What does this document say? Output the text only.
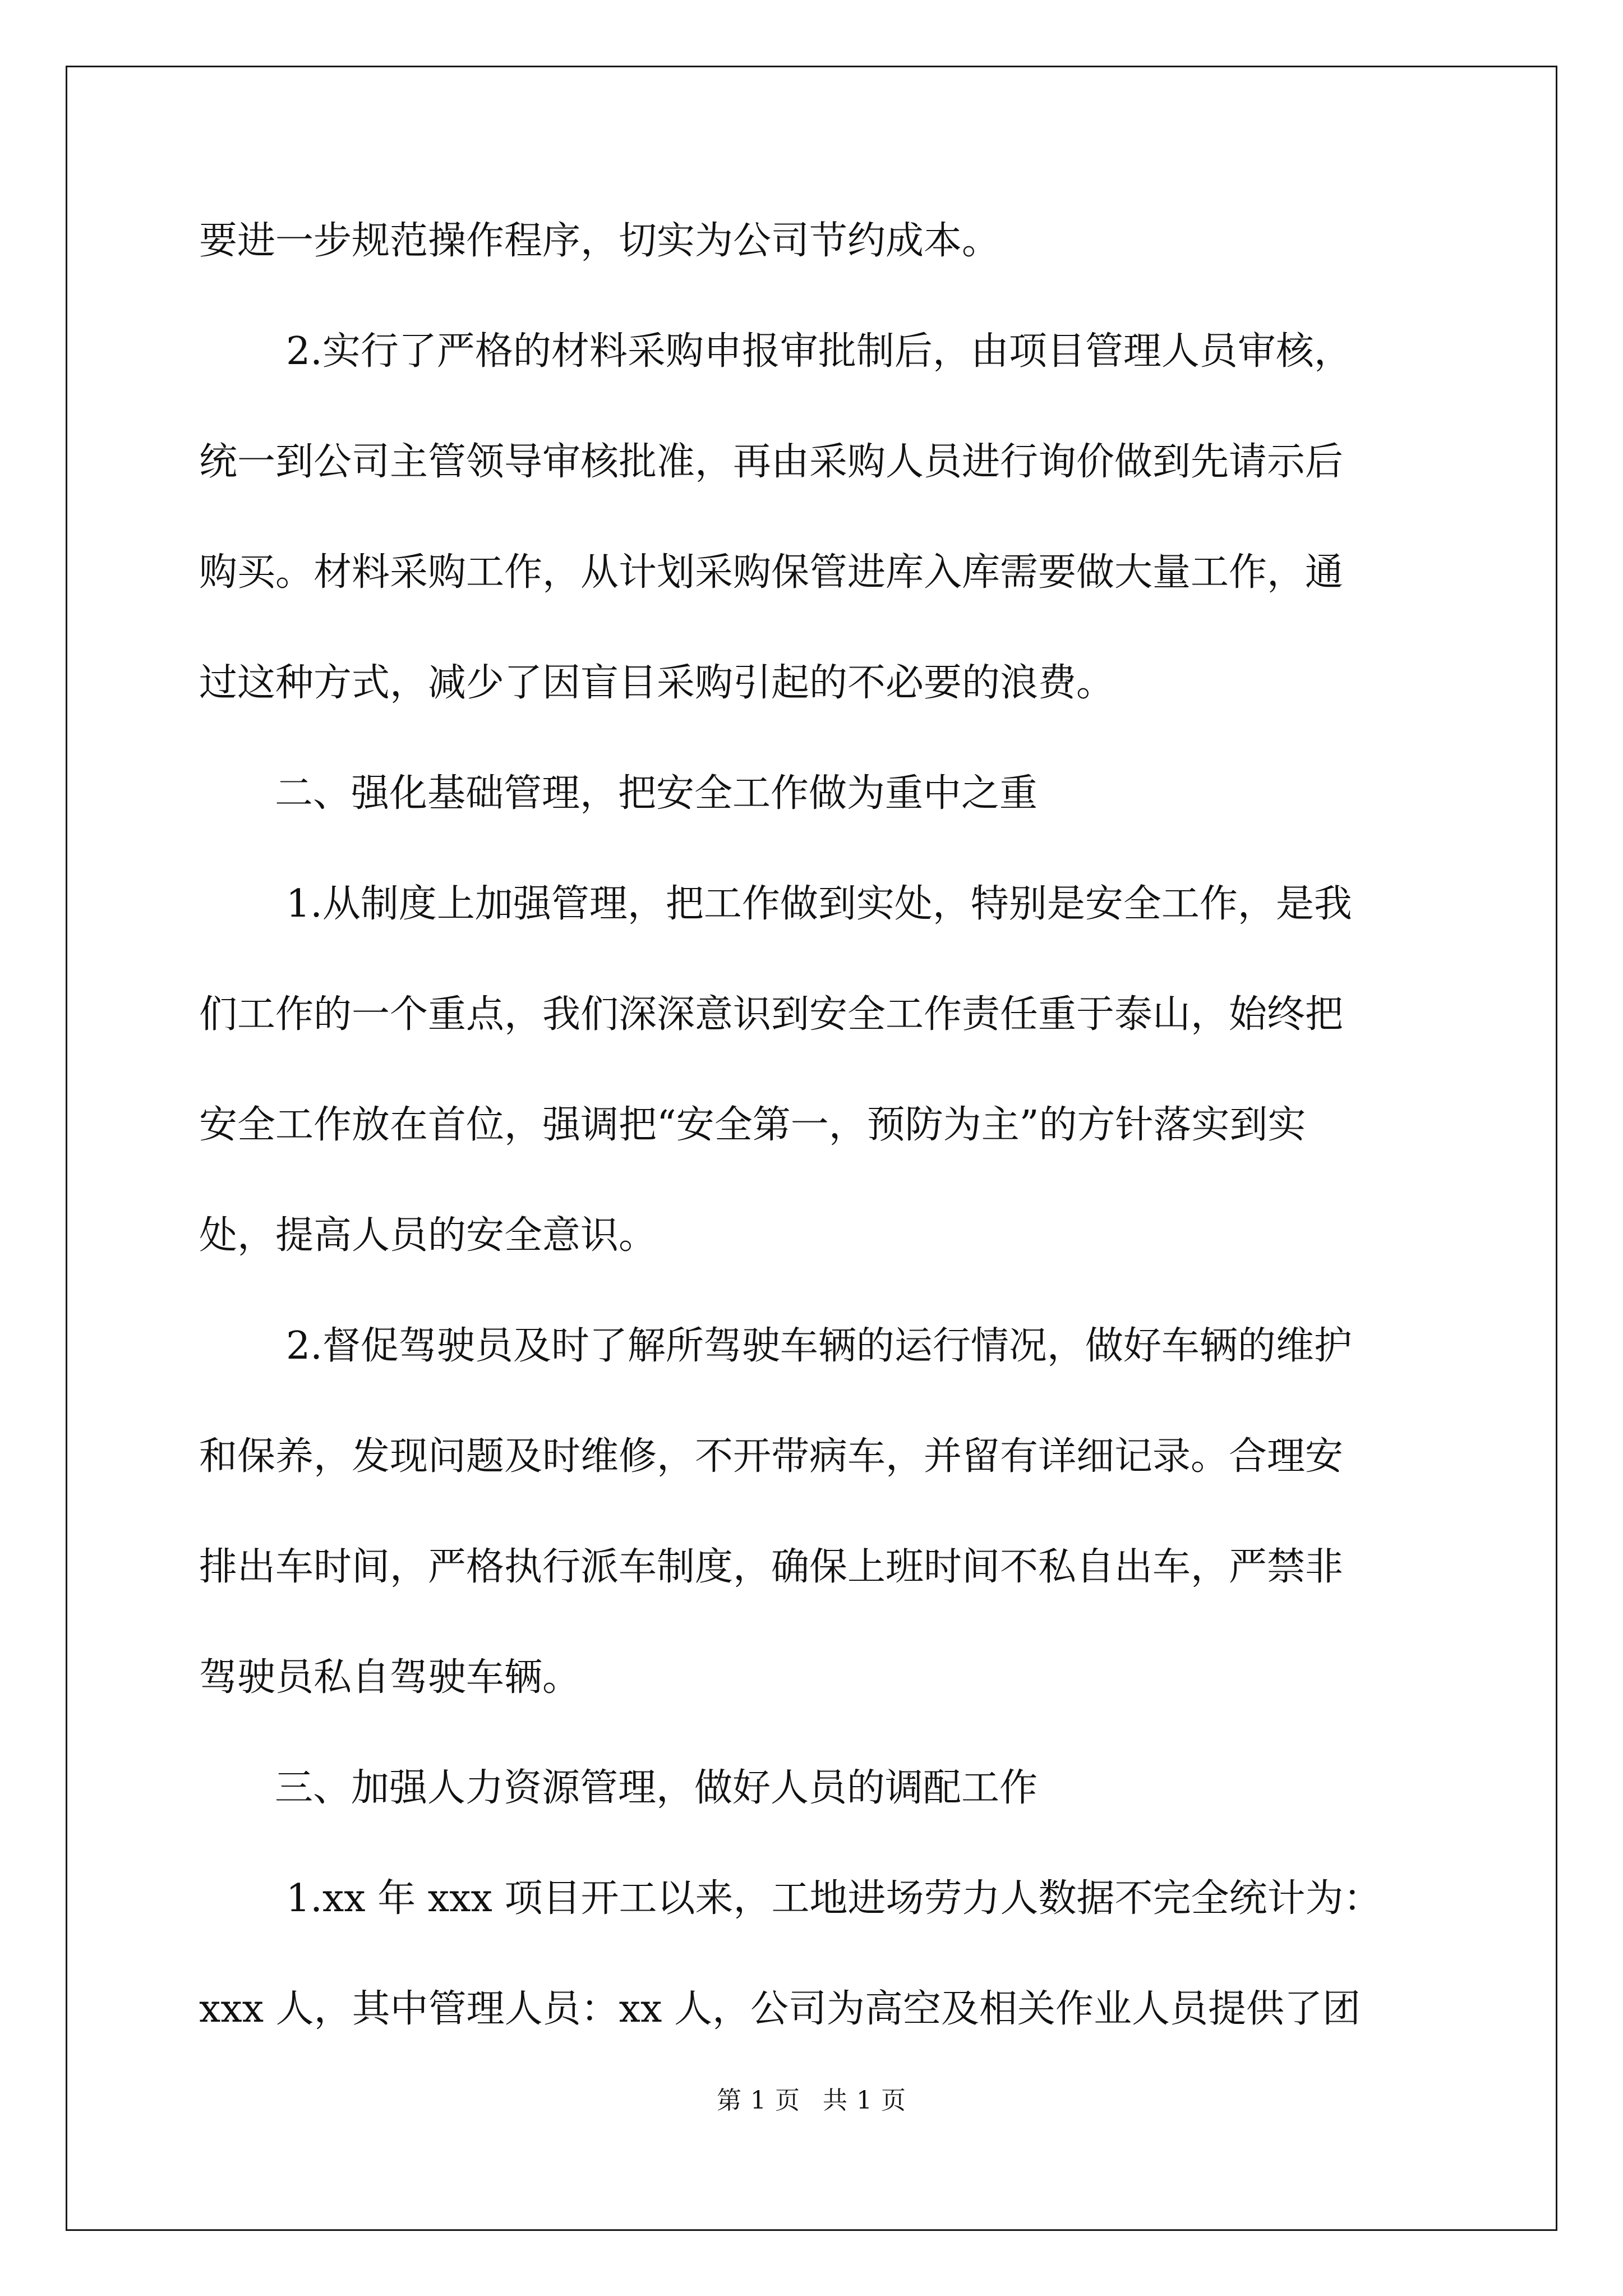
要进一步规范操作程序，切实为公司节约成本。
2.实行了严格的材料采购申报审批制后，由项目管理人员审核，
统一到公司主管领导审核批准，再由采购人员进行询价做到先请示后
购买。材料采购工作，从计划采购保管进库入库需要做大量工作，通
过这种方式，减少了因盲目采购引起的不必要的浪费。
二、强化基础管理，把安全工作做为重中之重
1.从制度上加强管理，把工作做到实处，特别是安全工作，是我
们工作的一个重点，我们深深意识到安全工作责任重于泰山，始终把
安全工作放在首位，强调把“安全第一，预防为主”的方针落实到实
处，提高人员的安全意识。
2.督促驾驶员及时了解所驾驶车辆的运行情况，做好车辆的维护
和保养，发现问题及时维修，不开带病车，并留有详细记录。合理安
排出车时间，严格执行派车制度，确保上班时间不私自出车，严禁非
驾驶员私自驾驶车辆。
三、加强人力资源管理，做好人员的调配工作
1.xx 年 xxx 项目开工以来，工地进场劳力人数据不完全统计为：
xxx 人，其中管理人员：xx 人，公司为高空及相关作业人员提供了团
第 1 页 共 1 页
